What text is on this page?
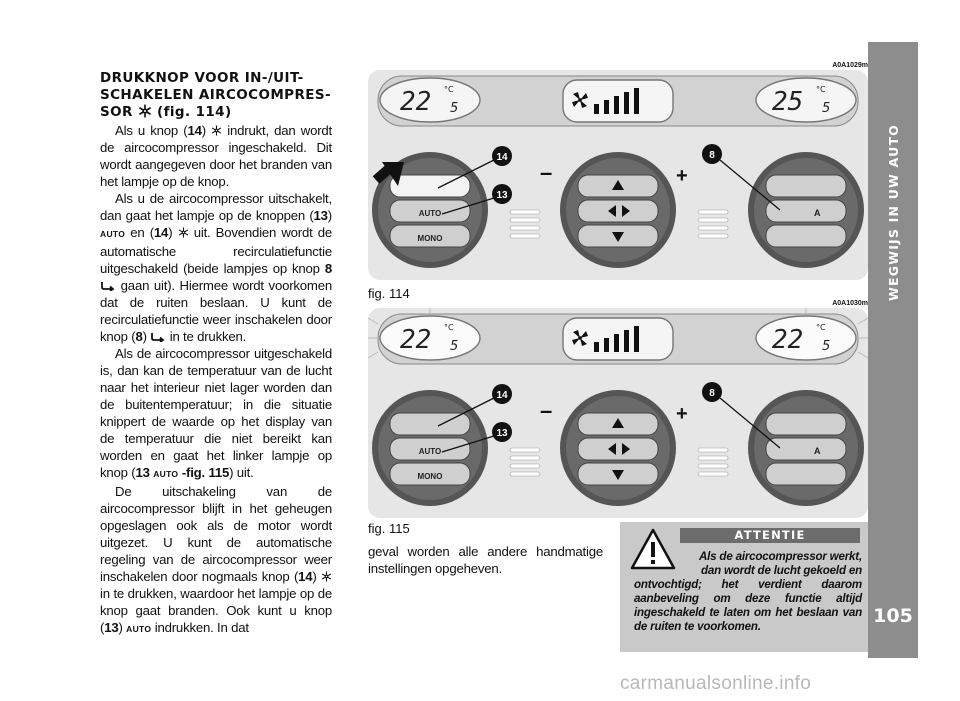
DRUKKNOP VOOR IN-/UIT-
SCHAKELEN AIRCOCOMPRES-
SOR (fig. 114)

Als u knop (14)  indrukt, dan wordt de aircocompressor ingeschakeld. Dit wordt aangegeven door het branden van het lampje op de knop.

Als u de aircocompressor uitschakelt, dan gaat het lampje op de knoppen (13) AUTO en (14)  uit. Bovendien wordt de automatische recirculatiefunctie uitgeschakeld (beide lampjes op knop 8  gaan uit). Hiermee wordt voorkomen dat de ruiten beslaan. U kunt de recirculatiefunctie weer inschakelen door knop (8)  in te drukken.

Als de aircocompressor uitgeschakeld is, dan kan de temperatuur van de lucht naar het interieur niet lager worden dan de buitentemperatuur; in die situatie knippert de waarde op het display van de temperatuur die niet bereikt kan worden en gaat het linker lampje op knop (13 AUTO -fig. 115) uit.

De uitschakeling van de aircocompressor blijft in het geheugen opgeslagen ook als de motor wordt uitgezet. U kunt de automatische regeling van de aircocompressor weer inschakelen door nogmaals knop (14)  in te drukken, waardoor het lampje op de knop gaat branden. Ook kunt u knop (13) AUTO indrukken. In dat

A0A1029m
22 5
°C	25 5
°C
AUTO
MONO
A
–	+
14
13
8
fig. 114
A0A1030m
22 5
°C	22 5
°C
AUTO
MONO
A
–	+
14
13
8
fig. 115

geval worden alle andere handmatige instellingen opgeheven.

ATTENTIE
Als de aircocompressor werkt, dan wordt de lucht gekoeld en
ontvochtigd; het verdient daarom aanbeveling om deze functie altijd ingeschakeld te laten om het beslaan van de ruiten te voorkomen.
WEGWIJS IN UW AUTO
105
carmanualsonline.info
